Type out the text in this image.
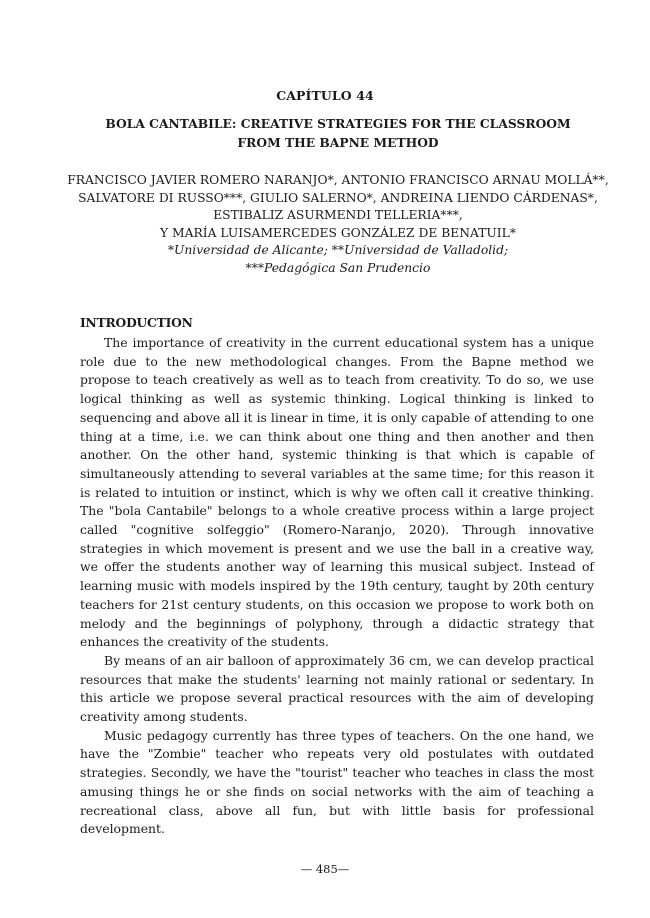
CAPÍTULO 44
BOLA CANTABILE: CREATIVE STRATEGIES FOR THE CLASSROOM FROM THE BAPNE METHOD
FRANCISCO JAVIER ROMERO NARANJO*, ANTONIO FRANCISCO ARNAU MOLLÁ**,
SALVATORE DI RUSSO***, GIULIO SALERNO*, ANDREINA LIENDO CÁRDENAS*,
ESTIBALIZ ASURMENDI TELLERIA***,
Y MARÍA LUISAMERCEDES GONZÁLEZ DE BENATUIL*
*Universidad de Alicante; **Universidad de Valladolid;
***Pedagógica San Prudencio
INTRODUCTION

The importance of creativity in the current educational system has a unique role due to the new methodological changes. From the Bapne method we propose to teach creatively as well as to teach from creativity. To do so, we use logical thinking as well as systemic thinking. Logical thinking is linked to sequencing and above all it is linear in time, it is only capable of attending to one thing at a time, i.e. we can think about one thing and then another and then another. On the other hand, systemic thinking is that which is capable of simultaneously attending to several variables at the same time; for this reason it is related to intuition or instinct, which is why we often call it creative thinking. The "bola Cantabile" belongs to a whole creative process within a large project called "cognitive solfeggio" (Romero-Naranjo, 2020). Through innovative strategies in which movement is present and we use the ball in a creative way, we offer the students another way of learning this musical subject. Instead of learning music with models inspired by the 19th century, taught by 20th century teachers for 21st century students, on this occasion we propose to work both on melody and the beginnings of polyphony, through a didactic strategy that enhances the creativity of the students.

By means of an air balloon of approximately 36 cm, we can develop practical resources that make the students' learning not mainly rational or sedentary. In this article we propose several practical resources with the aim of developing creativity among students.

Music pedagogy currently has three types of teachers. On the one hand, we have the "Zombie" teacher who repeats very old postulates with outdated strategies. Secondly, we have the "tourist" teacher who teaches in class the most amusing things he or she finds on social networks with the aim of teaching a recreational class, above all fun, but with little basis for professional development.

— 485—
